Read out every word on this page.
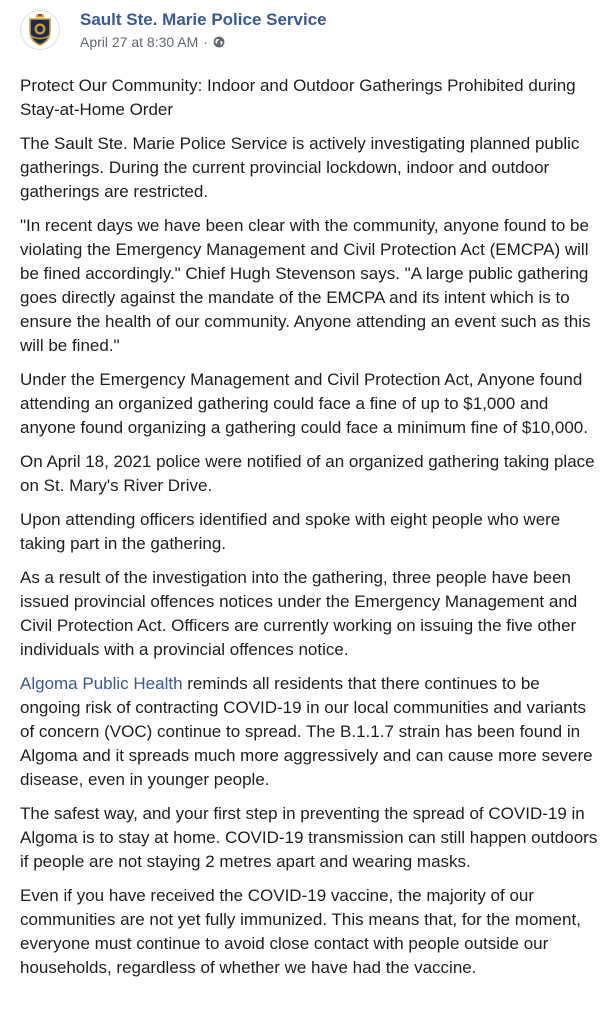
Sault Ste. Marie Police Service
April 27 at 8:30 AM ·

Protect Our Community: Indoor and Outdoor Gatherings Prohibited during Stay-at-Home Order

The Sault Ste. Marie Police Service is actively investigating planned public gatherings. During the current provincial lockdown, indoor and outdoor gatherings are restricted.

"In recent days we have been clear with the community, anyone found to be violating the Emergency Management and Civil Protection Act (EMCPA) will be fined accordingly." Chief Hugh Stevenson says. "A large public gathering goes directly against the mandate of the EMCPA and its intent which is to ensure the health of our community. Anyone attending an event such as this will be fined."

Under the Emergency Management and Civil Protection Act, Anyone found attending an organized gathering could face a fine of up to $1,000 and anyone found organizing a gathering could face a minimum fine of $10,000.

On April 18, 2021 police were notified of an organized gathering taking place on St. Mary's River Drive.

Upon attending officers identified and spoke with eight people who were taking part in the gathering.

As a result of the investigation into the gathering, three people have been issued provincial offences notices under the Emergency Management and Civil Protection Act. Officers are currently working on issuing the five other individuals with a provincial offences notice.

Algoma Public Health reminds all residents that there continues to be ongoing risk of contracting COVID-19 in our local communities and variants of concern (VOC) continue to spread. The B.1.1.7 strain has been found in Algoma and it spreads much more aggressively and can cause more severe disease, even in younger people.

The safest way, and your first step in preventing the spread of COVID-19 in Algoma is to stay at home. COVID-19 transmission can still happen outdoors if people are not staying 2 metres apart and wearing masks.

Even if you have received the COVID-19 vaccine, the majority of our communities are not yet fully immunized. This means that, for the moment, everyone must continue to avoid close contact with people outside our households, regardless of whether we have had the vaccine.
